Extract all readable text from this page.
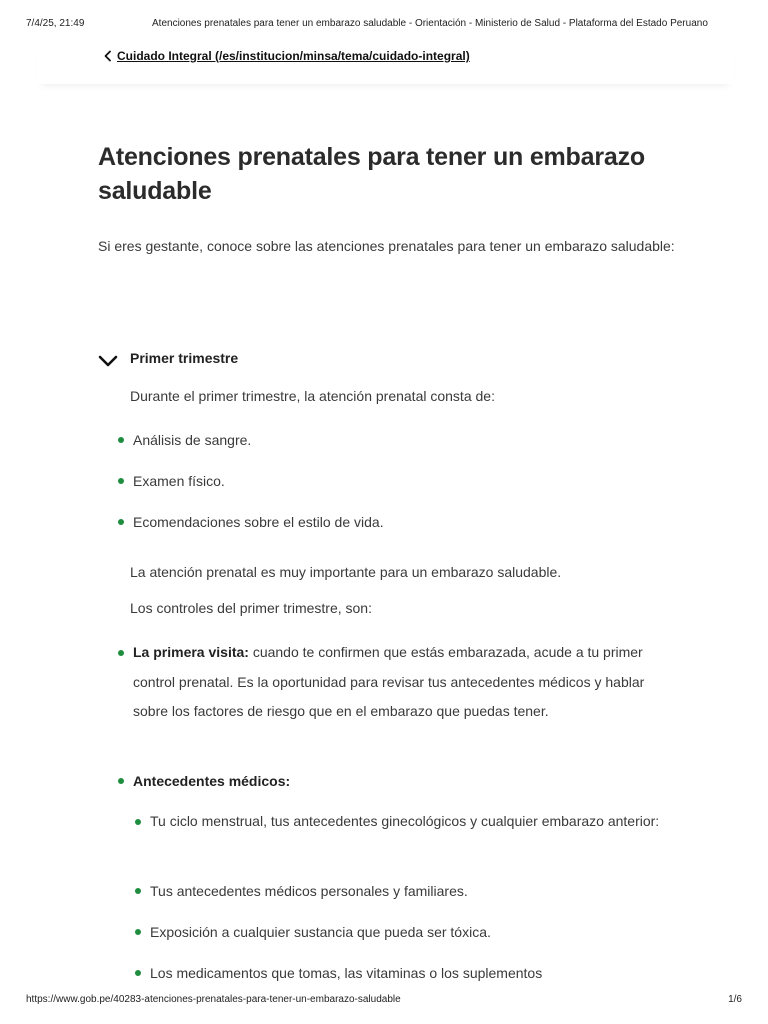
7/4/25, 21:49	Atenciones prenatales para tener un embarazo saludable - Orientación - Ministerio de Salud - Plataforma del Estado Peruano
Cuidado Integral (/es/institucion/minsa/tema/cuidado-integral)
Atenciones prenatales para tener un embarazo saludable

Si eres gestante, conoce sobre las atenciones prenatales para tener un embarazo saludable:

Primer trimestre
Durante el primer trimestre, la atención prenatal consta de:
Análisis de sangre.
Examen físico.
Ecomendaciones sobre el estilo de vida.
La atención prenatal es muy importante para un embarazo saludable.
Los controles del primer trimestre, son:
La primera visita: cuando te confirmen que estás embarazada, acude a tu primer control prenatal. Es la oportunidad para revisar tus antecedentes médicos y hablar sobre los factores de riesgo que en el embarazo que puedas tener.
Antecedentes médicos:
Tu ciclo menstrual, tus antecedentes ginecológicos y cualquier embarazo anterior:
Tus antecedentes médicos personales y familiares.
Exposición a cualquier sustancia que pueda ser tóxica.
Los medicamentos que tomas, las vitaminas o los suplementos
https://www.gob.pe/40283-atenciones-prenatales-para-tener-un-embarazo-saludable	1/6
